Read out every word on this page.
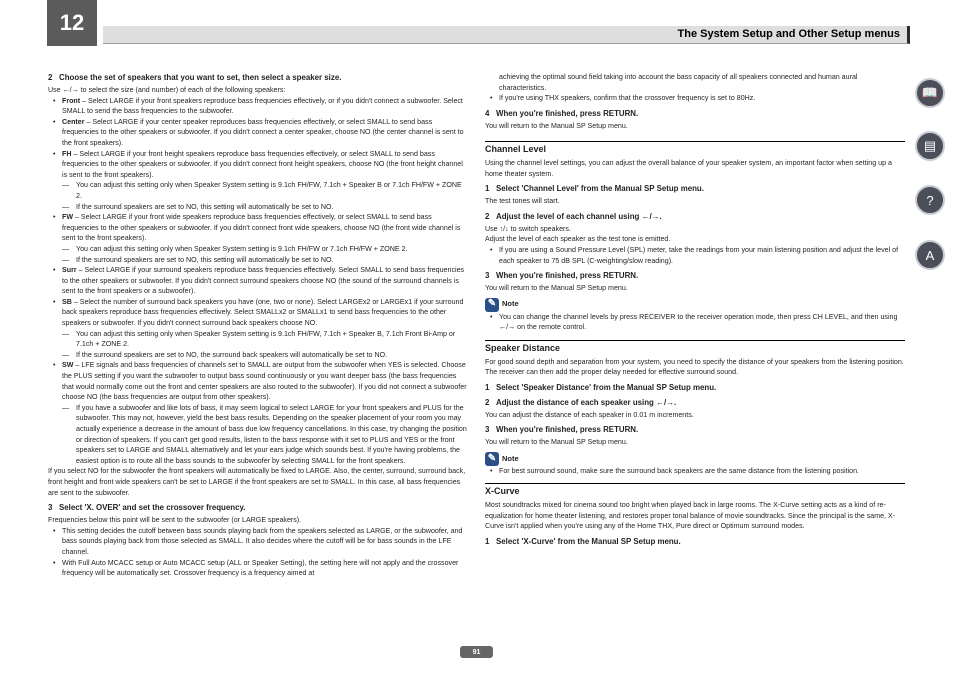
12	The System Setup and Other Setup menus
2 Choose the set of speakers that you want to set, then select a speaker size.

Use ←/→ to select the size (and number) of each of the following speakers:

• Front – Select LARGE if your front speakers reproduce bass frequencies effectively, or if you didn't connect a subwoofer. Select SMALL to send the bass frequencies to the subwoofer.
• Center – Select LARGE if your center speaker reproduces bass frequencies effectively, or select SMALL to send bass frequencies to the other speakers or subwoofer. If you didn't connect a center speaker, choose NO (the center channel is sent to the front speakers).
• FH – Select LARGE if your front height speakers reproduce bass frequencies effectively, or select SMALL to send bass frequencies to the other speakers or subwoofer. If you didn't connect front height speakers, choose NO (the front height channel is sent to the front speakers).
— You can adjust this setting only when Speaker System setting is 9.1ch FH/FW, 7.1ch + Speaker B or 7.1ch FH/FW + ZONE 2.
— If the surround speakers are set to NO, this setting will automatically be set to NO.
• FW – Select LARGE if your front wide speakers reproduce bass frequencies effectively, or select SMALL to send bass frequencies to the other speakers or subwoofer. If you didn't connect front wide speakers, choose NO (the front wide channel is sent to the front speakers).
— You can adjust this setting only when Speaker System setting is 9.1ch FH/FW or 7.1ch FH/FW + ZONE 2.
— If the surround speakers are set to NO, this setting will automatically be set to NO.
• Surr – Select LARGE if your surround speakers reproduce bass frequencies effectively. Select SMALL to send bass frequencies to the other speakers or subwoofer. If you didn't connect surround speakers choose NO (the sound of the surround channels is sent to the front speakers or a subwoofer).
• SB – Select the number of surround back speakers you have (one, two or none). Select LARGEx2 or LARGEx1 if your surround back speakers reproduce bass frequencies effectively. Select SMALLx2 or SMALLx1 to send bass frequencies to the other speakers or subwoofer. If you didn't connect surround back speakers choose NO.
— You can adjust this setting only when Speaker System setting is 9.1ch FH/FW, 7.1ch + Speaker B, 7.1ch Front Bi-Amp or 7.1ch + ZONE 2.
— If the surround speakers are set to NO, the surround back speakers will automatically be set to NO.
• SW – LFE signals and bass frequencies of channels set to SMALL are output from the subwoofer when YES is selected. Choose the PLUS setting if you want the subwoofer to output bass sound continuously or you want deeper bass (the bass frequencies that would normally come out the front and center speakers are also routed to the subwoofer). If you did not connect a subwoofer choose NO (the bass frequencies are output from other speakers).
— If you have a subwoofer and like lots of bass, it may seem logical to select LARGE for your front speakers and PLUS for the subwoofer. This may not, however, yield the best bass results. Depending on the speaker placement of your room you may actually experience a decrease in the amount of bass due low frequency cancellations. In this case, try changing the position or direction of speakers. If you can't get good results, listen to the bass response with it set to PLUS and YES or the front speakers set to LARGE and SMALL alternatively and let your ears judge which sounds best. If you're having problems, the easiest option is to route all the bass sounds to the subwoofer by selecting SMALL for the front speakers.

If you select NO for the subwoofer the front speakers will automatically be fixed to LARGE. Also, the center, surround, surround back, front height and front wide speakers can't be set to LARGE if the front speakers are set to SMALL. In this case, all bass frequencies are sent to the subwoofer.

3 Select 'X. OVER' and set the crossover frequency.

Frequencies below this point will be sent to the subwoofer (or LARGE speakers).

• This setting decides the cutoff between bass sounds playing back from the speakers selected as LARGE, or the subwoofer, and bass sounds playing back from those selected as SMALL. It also decides where the cutoff will be for bass sounds in the LFE channel.
• With Full Auto MCACC setup or Auto MCACC setup (ALL or Speaker Setting), the setting here will not apply and the crossover frequency will be automatically set. Crossover frequency is a frequency aimed at

achieving the optimal sound field taking into account the bass capacity of all speakers connected and human aural characteristics.

• If you're using THX speakers, confirm that the crossover frequency is set to 80Hz.
4 When you're finished, press RETURN.

You will return to the Manual SP Setup menu.

Channel Level

Using the channel level settings, you can adjust the overall balance of your speaker system, an important factor when setting up a home theater system.

1 Select 'Channel Level' from the Manual SP Setup menu.

The test tones will start.

2 Adjust the level of each channel using ←/→.

Use ↑/↓ to switch speakers.

Adjust the level of each speaker as the test tone is emitted.

• If you are using a Sound Pressure Level (SPL) meter, take the readings from your main listening position and adjust the level of each speaker to 75 dB SPL (C-weighting/slow reading).
3 When you're finished, press RETURN.

You will return to the Manual SP Setup menu.

✎ Note
• You can change the channel levels by press RECEIVER to the receiver operation mode, then press CH LEVEL, and then using ←/→ on the remote control.
Speaker Distance

For good sound depth and separation from your system, you need to specify the distance of your speakers from the listening position. The receiver can then add the proper delay needed for effective surround sound.

1 Select 'Speaker Distance' from the Manual SP Setup menu.
2 Adjust the distance of each speaker using ←/→.

You can adjust the distance of each speaker in 0.01 m increments.

3 When you're finished, press RETURN.

You will return to the Manual SP Setup menu.

✎ Note
• For best surround sound, make sure the surround back speakers are the same distance from the listening position.
X-Curve

Most soundtracks mixed for cinema sound too bright when played back in large rooms. The X-Curve setting acts as a kind of re-equalization for home theater listening, and restores proper tonal balance of movie soundtracks. Since the principal is the same, X-Curve isn't applied when you're using any of the Home THX, Pure direct or Optimum surround modes.

1 Select 'X-Curve' from the Manual SP Setup menu.
📖
▤
?
A
91
